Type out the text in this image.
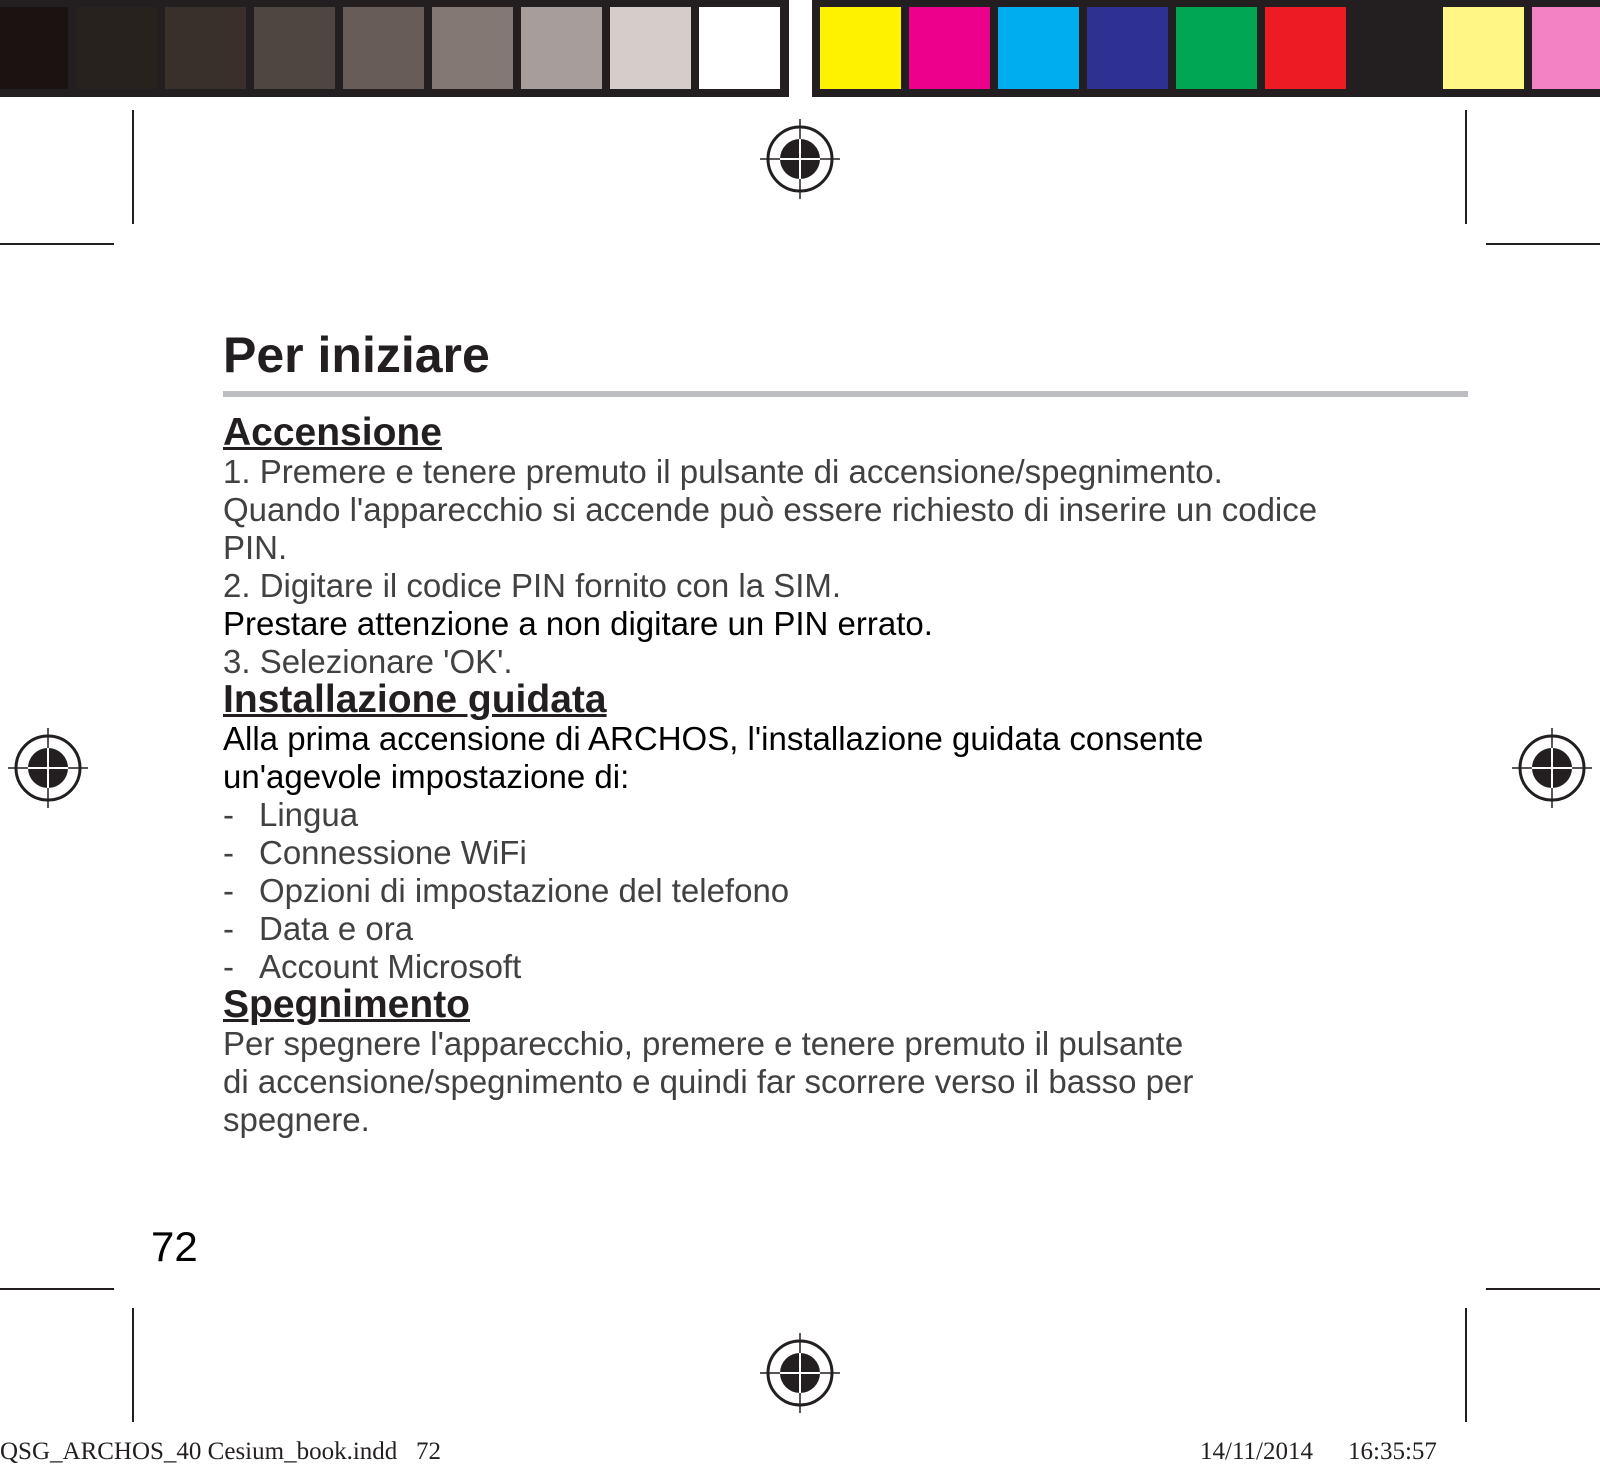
Per iniziare
Accensione

1. Premere e tenere premuto il pulsante di accensione/spegnimento.

Quando l'apparecchio si accende può essere richiesto di inserire un codice

PIN.

2. Digitare il codice PIN fornito con la SIM.

Prestare attenzione a non digitare un PIN errato.

3. Selezionare 'OK'.

Installazione guidata

Alla prima accensione di ARCHOS, l'installazione guidata consente

un'agevole impostazione di:

- Lingua
- Connessione WiFi
- Opzioni di impostazione del telefono
- Data e ora
- Account Microsoft
Spegnimento

Per spegnere l'apparecchio, premere e tenere premuto il pulsante

di accensione/spegnimento e quindi far scorrere verso il basso per

spegnere.

72
QSG_ARCHOS_40 Cesium_book.indd   72	14/11/2014 16:35:57
